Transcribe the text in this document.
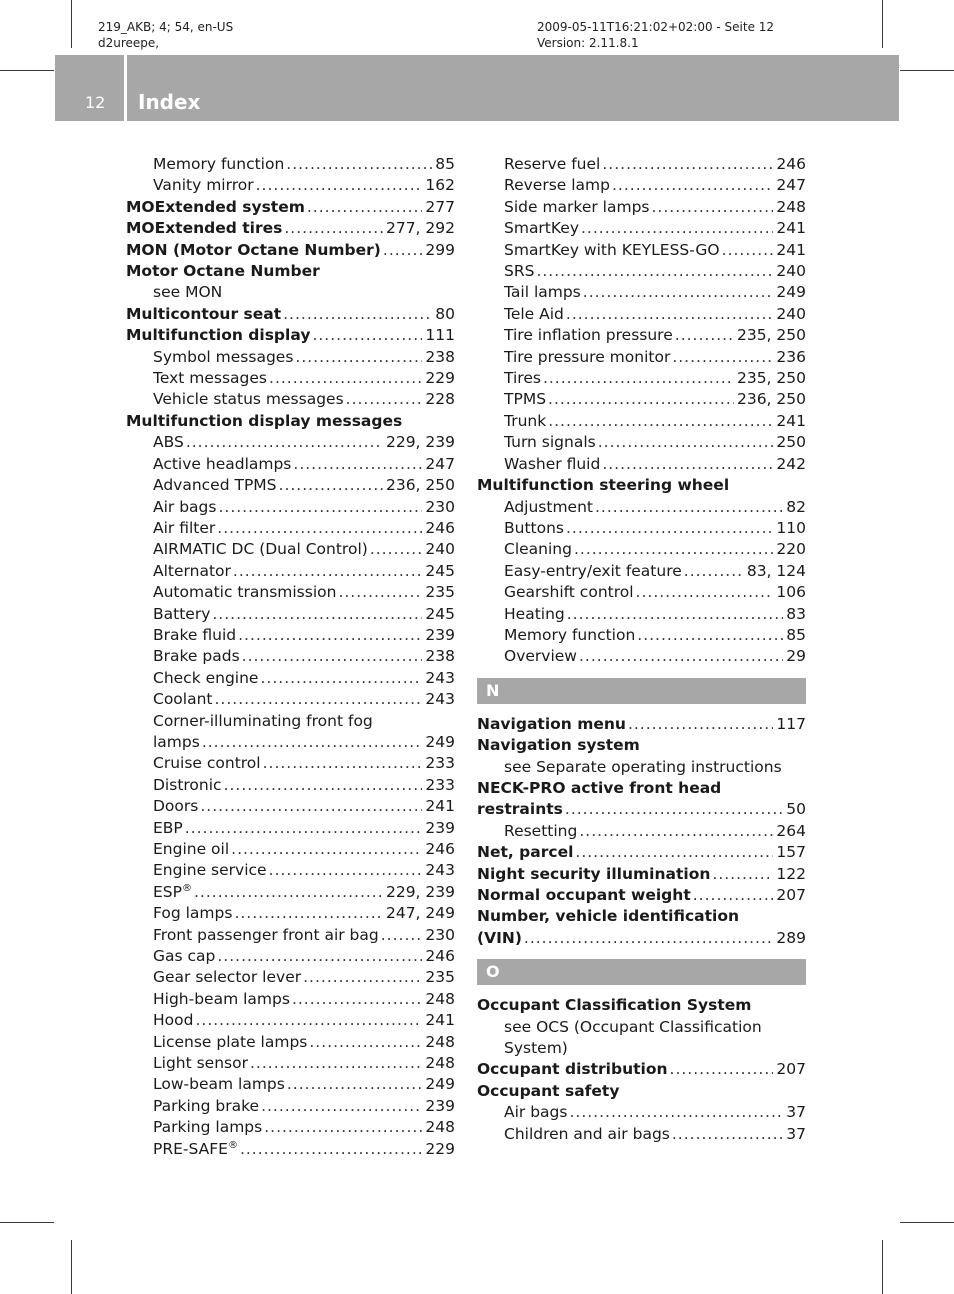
219_AKB; 4; 54, en-US
d2ureepe,
2009-05-11T16:21:02+02:00 - Seite 12
Version: 2.11.8.1
12 Index
Memory function .....	85
Vanity mirror .....	162
MOExtended system .....	277
MOExtended tires .....	277, 292
MON (Motor Octane Number) .....	299
Motor Octane Number
see MON
Multicontour seat .....	80
Multifunction display .....	111
Symbol messages .....	238
Text messages .....	229
Vehicle status messages .....	228
Multifunction display messages
ABS .....	229, 239
Active headlamps .....	247
Advanced TPMS .....	236, 250
Air bags .....	230
Air filter .....	246
AIRMATIC DC (Dual Control) .....	240
Alternator .....	245
Automatic transmission .....	235
Battery .....	245
Brake fluid .....	239
Brake pads .....	238
Check engine .....	243
Coolant .....	243
Corner-illuminating front fog
lamps .....	249
Cruise control .....	233
Distronic .....	233
Doors .....	241
EBP .....	239
Engine oil .....	246
Engine service .....	243
ESP® .....	229, 239
Fog lamps .....	247, 249
Front passenger front air bag .....	230
Gas cap .....	246
Gear selector lever .....	235
High-beam lamps .....	248
Hood .....	241
License plate lamps .....	248
Light sensor .....	248
Low-beam lamps .....	249
Parking brake .....	239
Parking lamps .....	248
PRE-SAFE® .....	229
Reserve fuel .....	246
Reverse lamp .....	247
Side marker lamps .....	248
SmartKey .....	241
SmartKey with KEYLESS-GO .....	241
SRS .....	240
Tail lamps .....	249
Tele Aid .....	240
Tire inflation pressure .....	235, 250
Tire pressure monitor .....	236
Tires .....	235, 250
TPMS .....	236, 250
Trunk .....	241
Turn signals .....	250
Washer fluid .....	242
Multifunction steering wheel
Adjustment .....	82
Buttons .....	110
Cleaning .....	220
Easy-entry/exit feature .....	83, 124
Gearshift control .....	106
Heating .....	83
Memory function .....	85
Overview .....	29
N
Navigation menu .....	117
Navigation system
see Separate operating instructions
NECK-PRO active front head
restraints .....	50
Resetting .....	264
Net, parcel .....	157
Night security illumination .....	122
Normal occupant weight .....	207
Number, vehicle identification
(VIN) .....	289
O
Occupant Classification System
see OCS (Occupant Classification
System)
Occupant distribution .....	207
Occupant safety
Air bags .....	37
Children and air bags .....	37
